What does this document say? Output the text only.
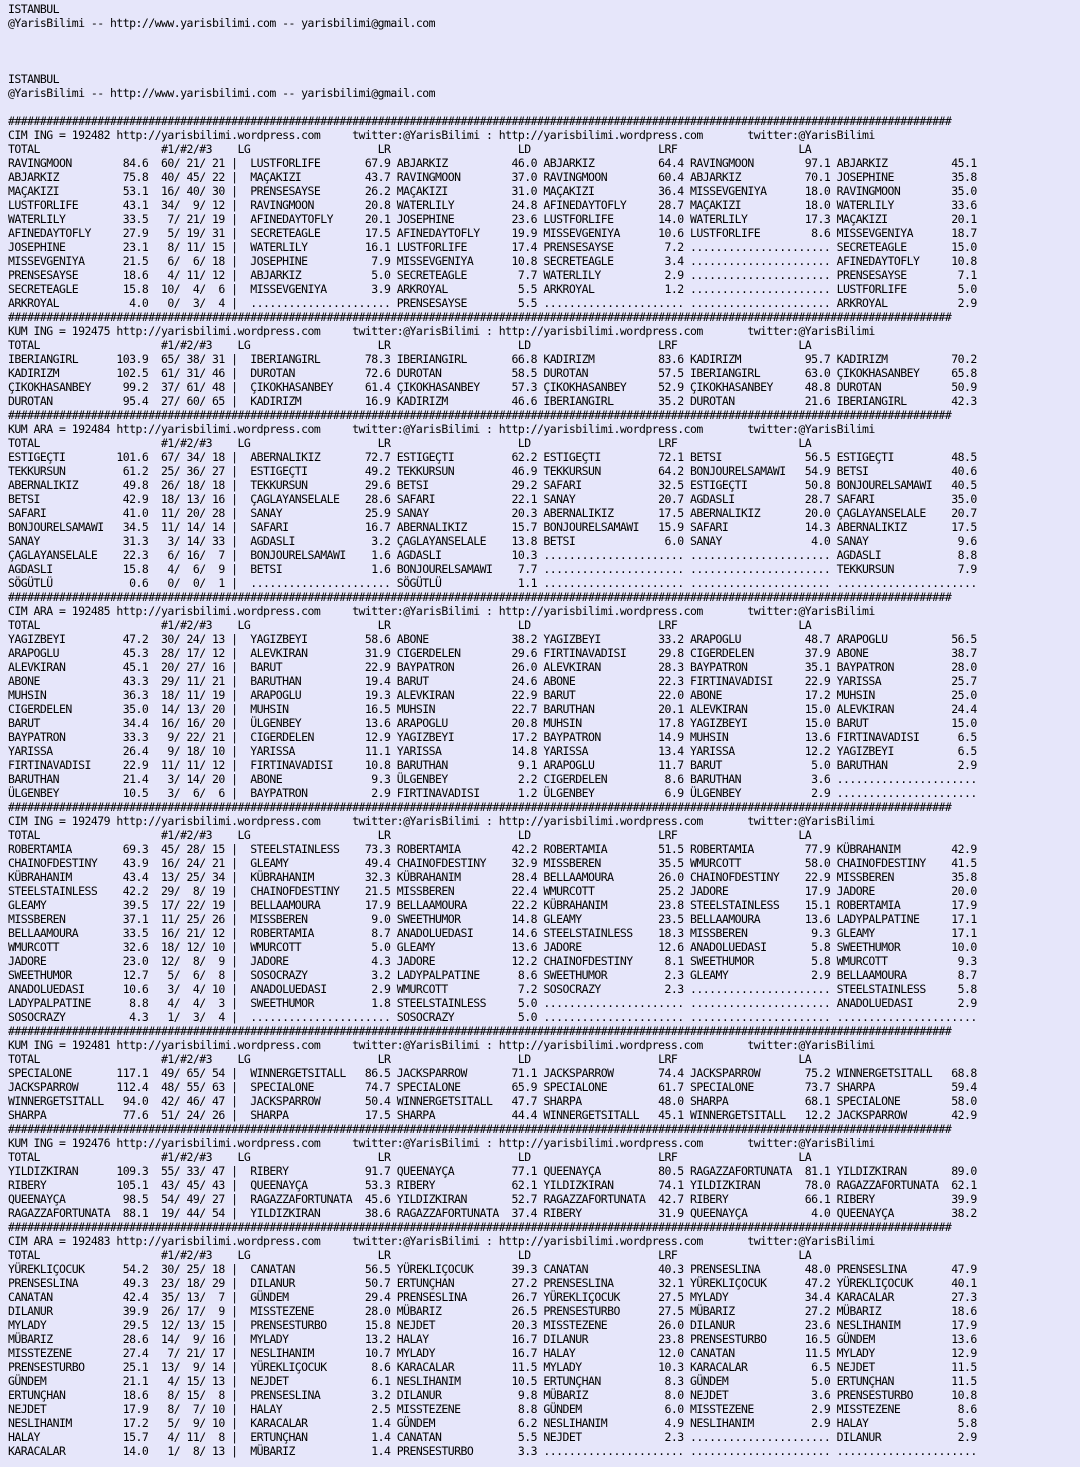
ISTANBUL
@YarisBilimi -- http://www.yarisbilimi.com -- yarisbilimi@gmail.com
ISTANBUL
@YarisBilimi -- http://www.yarisbilimi.com -- yarisbilimi@gmail.com
####################################################################################################################################################
CIM ING = 192482 http://yarisbilimi.wordpress.com     twitter:@YarisBilimi : http://yarisbilimi.wordpress.com       twitter:@YarisBilimi
TOTAL                   #1/#2/#3    LG                    LR                    LD                    LRF                   LA
RAVINGMOON        84.6  60/ 21/ 21 |  LUSTFORLIFE       67.9 ABJARKIZ          46.0 ABJARKIZ          64.4 RAVINGMOON        97.1 ABJARKIZ          45.1
ABJARKIZ          75.8  40/ 45/ 22 |  MAÇAKIZI          43.7 RAVINGMOON        37.0 RAVINGMOON        60.4 ABJARKIZ          70.1 JOSEPHINE         35.8
MAÇAKIZI          53.1  16/ 40/ 30 |  PRENSESAYSE       26.2 MAÇAKIZI          31.0 MAÇAKIZI          36.4 MISSEVGENIYA      18.0 RAVINGMOON        35.0
LUSTFORLIFE       43.1  34/  9/ 12 |  RAVINGMOON        20.8 WATERLILY         24.8 AFINEDAYTOFLY     28.7 MAÇAKIZI          18.0 WATERLILY         33.6
WATERLILY         33.5   7/ 21/ 19 |  AFINEDAYTOFLY     20.1 JOSEPHINE         23.6 LUSTFORLIFE       14.0 WATERLILY         17.3 MAÇAKIZI          20.1
AFINEDAYTOFLY     27.9   5/ 19/ 31 |  SECRETEAGLE       17.5 AFINEDAYTOFLY     19.9 MISSEVGENIYA      10.6 LUSTFORLIFE        8.6 MISSEVGENIYA      18.7
JOSEPHINE         23.1   8/ 11/ 15 |  WATERLILY         16.1 LUSTFORLIFE       17.4 PRENSESAYSE        7.2 ...................... SECRETEAGLE       15.0
MISSEVGENIYA      21.5   6/  6/ 18 |  JOSEPHINE          7.9 MISSEVGENIYA      10.8 SECRETEAGLE        3.4 ...................... AFINEDAYTOFLY     10.8
PRENSESAYSE       18.6   4/ 11/ 12 |  ABJARKIZ           5.0 SECRETEAGLE        7.7 WATERLILY          2.9 ...................... PRENSESAYSE        7.1
SECRETEAGLE       15.8  10/  4/  6 |  MISSEVGENIYA       3.9 ARKROYAL           5.5 ARKROYAL           1.2 ...................... LUSTFORLIFE        5.0
ARKROYAL           4.0   0/  3/  4 |  ...................... PRENSESAYSE        5.5 ...................... ...................... ARKROYAL           2.9
####################################################################################################################################################
KUM ING = 192475 http://yarisbilimi.wordpress.com     twitter:@YarisBilimi : http://yarisbilimi.wordpress.com       twitter:@YarisBilimi
TOTAL                   #1/#2/#3    LG                    LR                    LD                    LRF                   LA
IBERIANGIRL      103.9  65/ 38/ 31 |  IBERIANGIRL       78.3 IBERIANGIRL       66.8 KADIRIZM          83.6 KADIRIZM          95.7 KADIRIZM          70.2
KADIRIZM         102.5  61/ 31/ 46 |  DUROTAN           72.6 DUROTAN           58.5 DUROTAN           57.5 IBERIANGIRL       63.0 ÇIKOKHASANBEY     65.8
ÇIKOKHASANBEY     99.2  37/ 61/ 48 |  ÇIKOKHASANBEY     61.4 ÇIKOKHASANBEY     57.3 ÇIKOKHASANBEY     52.9 ÇIKOKHASANBEY     48.8 DUROTAN           50.9
DUROTAN           95.4  27/ 60/ 65 |  KADIRIZM          16.9 KADIRIZM          46.6 IBERIANGIRL       35.2 DUROTAN           21.6 IBERIANGIRL       42.3
####################################################################################################################################################
KUM ARA = 192484 http://yarisbilimi.wordpress.com     twitter:@YarisBilimi : http://yarisbilimi.wordpress.com       twitter:@YarisBilimi
TOTAL                   #1/#2/#3    LG                    LR                    LD                    LRF                   LA
ESTIGEÇTI        101.6  67/ 34/ 18 |  ABERNALIKIZ       72.7 ESTIGEÇTI         62.2 ESTIGEÇTI         72.1 BETSI             56.5 ESTIGEÇTI         48.5
TEKKURSUN         61.2  25/ 36/ 27 |  ESTIGEÇTI         49.2 TEKKURSUN         46.9 TEKKURSUN         64.2 BONJOURELSAMAWI   54.9 BETSI             40.6
ABERNALIKIZ       49.8  26/ 18/ 18 |  TEKKURSUN         29.6 BETSI             29.2 SAFARI            32.5 ESTIGEÇTI         50.8 BONJOURELSAMAWI   40.5
BETSI             42.9  18/ 13/ 16 |  ÇAGLAYANSELALE    28.6 SAFARI            22.1 SANAY             20.7 AGDASLI           28.7 SAFARI            35.0
SAFARI            41.0  11/ 20/ 28 |  SANAY             25.9 SANAY             20.3 ABERNALIKIZ       17.5 ABERNALIKIZ       20.0 ÇAGLAYANSELALE    20.7
BONJOURELSAMAWI   34.5  11/ 14/ 14 |  SAFARI            16.7 ABERNALIKIZ       15.7 BONJOURELSAMAWI   15.9 SAFARI            14.3 ABERNALIKIZ       17.5
SANAY             31.3   3/ 14/ 33 |  AGDASLI            3.2 ÇAGLAYANSELALE    13.8 BETSI              6.0 SANAY              4.0 SANAY              9.6
ÇAGLAYANSELALE    22.3   6/ 16/  7 |  BONJOURELSAMAWI    1.6 AGDASLI           10.3 ...................... ...................... AGDASLI            8.8
AGDASLI           15.8   4/  6/  9 |  BETSI              1.6 BONJOURELSAMAWI    7.7 ...................... ...................... TEKKURSUN          7.9
SÖGÜTLÜ            0.6   0/  0/  1 |  ...................... SÖGÜTLÜ            1.1 ...................... ...................... ......................
####################################################################################################################################################
CIM ARA = 192485 http://yarisbilimi.wordpress.com     twitter:@YarisBilimi : http://yarisbilimi.wordpress.com       twitter:@YarisBilimi
TOTAL                   #1/#2/#3    LG                    LR                    LD                    LRF                   LA
YAGIZBEYI         47.2  30/ 24/ 13 |  YAGIZBEYI         58.6 ABONE             38.2 YAGIZBEYI         33.2 ARAPOGLU          48.7 ARAPOGLU          56.5
ARAPOGLU          45.3  28/ 17/ 12 |  ALEVKIRAN         31.9 CIGERDELEN        29.6 FIRTINAVADISI     29.8 CIGERDELEN        37.9 ABONE             38.7
ALEVKIRAN         45.1  20/ 27/ 16 |  BARUT             22.9 BAYPATRON         26.0 ALEVKIRAN         28.3 BAYPATRON         35.1 BAYPATRON         28.0
ABONE             43.3  29/ 11/ 21 |  BARUTHAN          19.4 BARUT             24.6 ABONE             22.3 FIRTINAVADISI     22.9 YARISSA           25.7
MUHSIN            36.3  18/ 11/ 19 |  ARAPOGLU          19.3 ALEVKIRAN         22.9 BARUT             22.0 ABONE             17.2 MUHSIN            25.0
CIGERDELEN        35.0  14/ 13/ 20 |  MUHSIN            16.5 MUHSIN            22.7 BARUTHAN          20.1 ALEVKIRAN         15.0 ALEVKIRAN         24.4
BARUT             34.4  16/ 16/ 20 |  ÜLGENBEY          13.6 ARAPOGLU          20.8 MUHSIN            17.8 YAGIZBEYI         15.0 BARUT             15.0
BAYPATRON         33.3   9/ 22/ 21 |  CIGERDELEN        12.9 YAGIZBEYI         17.2 BAYPATRON         14.9 MUHSIN            13.6 FIRTINAVADISI      6.5
YARISSA           26.4   9/ 18/ 10 |  YARISSA           11.1 YARISSA           14.8 YARISSA           13.4 YARISSA           12.2 YAGIZBEYI          6.5
FIRTINAVADISI     22.9  11/ 11/ 12 |  FIRTINAVADISI     10.8 BARUTHAN           9.1 ARAPOGLU          11.7 BARUT              5.0 BARUTHAN           2.9
BARUTHAN          21.4   3/ 14/ 20 |  ABONE              9.3 ÜLGENBEY           2.2 CIGERDELEN         8.6 BARUTHAN           3.6 ......................
ÜLGENBEY          10.5   3/  6/  6 |  BAYPATRON          2.9 FIRTINAVADISI      1.2 ÜLGENBEY           6.9 ÜLGENBEY           2.9 ......................
####################################################################################################################################################
CIM ING = 192479 http://yarisbilimi.wordpress.com     twitter:@YarisBilimi : http://yarisbilimi.wordpress.com       twitter:@YarisBilimi
TOTAL                   #1/#2/#3    LG                    LR                    LD                    LRF                   LA
ROBERTAMIA        69.3  45/ 28/ 15 |  STEELSTAINLESS    73.3 ROBERTAMIA        42.2 ROBERTAMIA        51.5 ROBERTAMIA        77.9 KÜBRAHANIM        42.9
CHAINOFDESTINY    43.9  16/ 24/ 21 |  GLEAMY            49.4 CHAINOFDESTINY    32.9 MISSBEREN         35.5 WMURCOTT          58.0 CHAINOFDESTINY    41.5
KÜBRAHANIM        43.4  13/ 25/ 34 |  KÜBRAHANIM        32.3 KÜBRAHANIM        28.4 BELLAAMOURA       26.0 CHAINOFDESTINY    22.9 MISSBEREN         35.8
STEELSTAINLESS    42.2  29/  8/ 19 |  CHAINOFDESTINY    21.5 MISSBEREN         22.4 WMURCOTT          25.2 JADORE            17.9 JADORE            20.0
GLEAMY            39.5  17/ 22/ 19 |  BELLAAMOURA       17.9 BELLAAMOURA       22.2 KÜBRAHANIM        23.8 STEELSTAINLESS    15.1 ROBERTAMIA        17.9
MISSBEREN         37.1  11/ 25/ 26 |  MISSBEREN          9.0 SWEETHUMOR        14.8 GLEAMY            23.5 BELLAAMOURA       13.6 LADYPALPATINE     17.1
BELLAAMOURA       33.5  16/ 21/ 12 |  ROBERTAMIA         8.7 ANADOLUEDASI      14.6 STEELSTAINLESS    18.3 MISSBEREN          9.3 GLEAMY            17.1
WMURCOTT          32.6  18/ 12/ 10 |  WMURCOTT           5.0 GLEAMY            13.6 JADORE            12.6 ANADOLUEDASI       5.8 SWEETHUMOR        10.0
JADORE            23.0  12/  8/  9 |  JADORE             4.3 JADORE            12.2 CHAINOFDESTINY     8.1 SWEETHUMOR         5.8 WMURCOTT           9.3
SWEETHUMOR        12.7   5/  6/  8 |  SOSOCRAZY          3.2 LADYPALPATINE      8.6 SWEETHUMOR         2.3 GLEAMY             2.9 BELLAAMOURA        8.7
ANADOLUEDASI      10.6   3/  4/ 10 |  ANADOLUEDASI       2.9 WMURCOTT           7.2 SOSOCRAZY          2.3 ...................... STEELSTAINLESS     5.8
LADYPALPATINE      8.8   4/  4/  3 |  SWEETHUMOR         1.8 STEELSTAINLESS     5.0 ...................... ...................... ANADOLUEDASI       2.9
SOSOCRAZY          4.3   1/  3/  4 |  ...................... SOSOCRAZY          5.0 ...................... ...................... ......................
####################################################################################################################################################
KUM ING = 192481 http://yarisbilimi.wordpress.com     twitter:@YarisBilimi : http://yarisbilimi.wordpress.com       twitter:@YarisBilimi
TOTAL                   #1/#2/#3    LG                    LR                    LD                    LRF                   LA
SPECIALONE       117.1  49/ 65/ 54 |  WINNERGETSITALL   86.5 JACKSPARROW       71.1 JACKSPARROW       74.4 JACKSPARROW       75.2 WINNERGETSITALL   68.8
JACKSPARROW      112.4  48/ 55/ 63 |  SPECIALONE        74.7 SPECIALONE        65.9 SPECIALONE        61.7 SPECIALONE        73.7 SHARPA            59.4
WINNERGETSITALL   94.0  42/ 46/ 47 |  JACKSPARROW       50.4 WINNERGETSITALL   47.7 SHARPA            48.0 SHARPA            68.1 SPECIALONE        58.0
SHARPA            77.6  51/ 24/ 26 |  SHARPA            17.5 SHARPA            44.4 WINNERGETSITALL   45.1 WINNERGETSITALL   12.2 JACKSPARROW       42.9
####################################################################################################################################################
KUM ING = 192476 http://yarisbilimi.wordpress.com     twitter:@YarisBilimi : http://yarisbilimi.wordpress.com       twitter:@YarisBilimi
TOTAL                   #1/#2/#3    LG                    LR                    LD                    LRF                   LA
YILDIZKIRAN      109.3  55/ 33/ 47 |  RIBERY            91.7 QUEENAYÇA         77.1 QUEENAYÇA         80.5 RAGAZZAFORTUNATA  81.1 YILDIZKIRAN       89.0
RIBERY           105.1  43/ 45/ 43 |  QUEENAYÇA         53.3 RIBERY            62.1 YILDIZKIRAN       74.1 YILDIZKIRAN       78.0 RAGAZZAFORTUNATA  62.1
QUEENAYÇA         98.5  54/ 49/ 27 |  RAGAZZAFORTUNATA  45.6 YILDIZKIRAN       52.7 RAGAZZAFORTUNATA  42.7 RIBERY            66.1 RIBERY            39.9
RAGAZZAFORTUNATA  88.1  19/ 44/ 54 |  YILDIZKIRAN       38.6 RAGAZZAFORTUNATA  37.4 RIBERY            31.9 QUEENAYÇA          4.0 QUEENAYÇA         38.2
####################################################################################################################################################
CIM ARA = 192483 http://yarisbilimi.wordpress.com     twitter:@YarisBilimi : http://yarisbilimi.wordpress.com       twitter:@YarisBilimi
TOTAL                   #1/#2/#3    LG                    LR                    LD                    LRF                   LA
YÜREKLIÇOCUK      54.2  30/ 25/ 18 |  CANATAN           56.5 YÜREKLIÇOCUK      39.3 CANATAN           40.3 PRENSESLINA       48.0 PRENSESLINA       47.9
PRENSESLINA       49.3  23/ 18/ 29 |  DILANUR           50.7 ERTUNÇHAN         27.2 PRENSESLINA       32.1 YÜREKLIÇOCUK      47.2 YÜREKLIÇOCUK      40.1
CANATAN           42.4  35/ 13/  7 |  GÜNDEM            29.4 PRENSESLINA       26.7 YÜREKLIÇOCUK      27.5 MYLADY            34.4 KARACALAR         27.3
DILANUR           39.9  26/ 17/  9 |  MISSTEZENE        28.0 MÜBARIZ           26.5 PRENSESTURBO      27.5 MÜBARIZ           27.2 MÜBARIZ           18.6
MYLADY            29.5  12/ 13/ 15 |  PRENSESTURBO      15.8 NEJDET            20.3 MISSTEZENE        26.0 DILANUR           23.6 NESLIHANIM        17.9
MÜBARIZ           28.6  14/  9/ 16 |  MYLADY            13.2 HALAY             16.7 DILANUR           23.8 PRENSESTURBO      16.5 GÜNDEM            13.6
MISSTEZENE        27.4   7/ 21/ 17 |  NESLIHANIM        10.7 MYLADY            16.7 HALAY             12.0 CANATAN           11.5 MYLADY            12.9
PRENSESTURBO      25.1  13/  9/ 14 |  YÜREKLIÇOCUK       8.6 KARACALAR         11.5 MYLADY            10.3 KARACALAR          6.5 NEJDET            11.5
GÜNDEM            21.1   4/ 15/ 13 |  NEJDET             6.1 NESLIHANIM        10.5 ERTUNÇHAN          8.3 GÜNDEM             5.0 ERTUNÇHAN         11.5
ERTUNÇHAN         18.6   8/ 15/  8 |  PRENSESLINA        3.2 DILANUR            9.8 MÜBARIZ            8.0 NEJDET             3.6 PRENSESTURBO      10.8
NEJDET            17.9   8/  7/ 10 |  HALAY              2.5 MISSTEZENE         8.8 GÜNDEM             6.0 MISSTEZENE         2.9 MISSTEZENE         8.6
NESLIHANIM        17.2   5/  9/ 10 |  KARACALAR          1.4 GÜNDEM             6.2 NESLIHANIM         4.9 NESLIHANIM         2.9 HALAY              5.8
HALAY             15.7   4/ 11/  8 |  ERTUNÇHAN          1.4 CANATAN            5.5 NEJDET             2.3 ...................... DILANUR            2.9
KARACALAR         14.0   1/  8/ 13 |  MÜBARIZ            1.4 PRENSESTURBO       3.3 ...................... ...................... ......................
